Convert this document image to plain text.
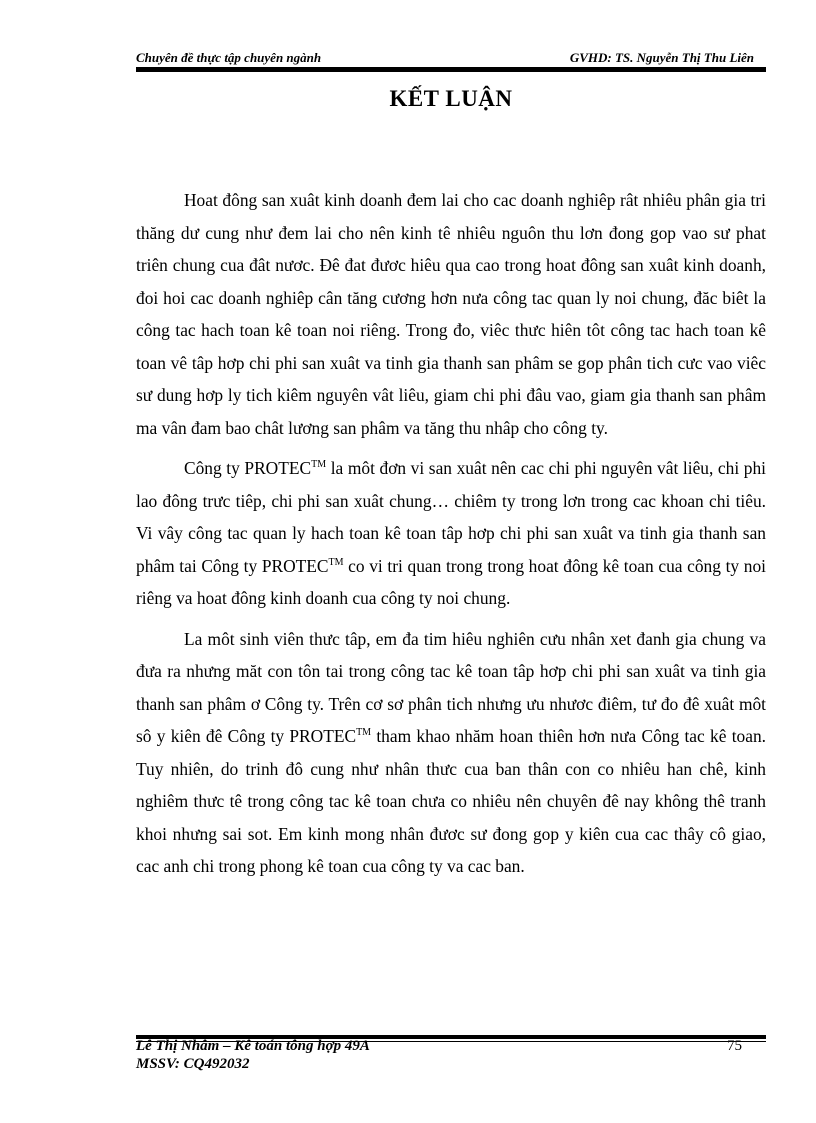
Chuyên đề thực tập chuyên ngành	GVHD: TS. Nguyễn Thị Thu Liên
KẾT LUẬN

Hoat đông san xuât kinh doanh đem lai cho cac doanh nghiêp rât nhiêu phân gia tri thăng dư cung như đem lai cho nên kinh tê nhiêu nguôn thu lơn đong gop vao sư phat triên chung cua đât nươc. Đê đat đươc hiêu qua cao trong hoat đông san xuât kinh doanh, đoi hoi cac doanh nghiêp cân tăng cương hơn nưa công tac quan ly noi chung, đăc biêt la công tac hach toan kê toan noi riêng. Trong đo, viêc thưc hiên tôt công tac hach toan kê toan vê tâp hơp chi phi san xuât va tinh gia thanh san phâm se gop phân tich cưc vao viêc sư dung hơp ly tich kiêm nguyên vât liêu, giam chi phi đâu vao, giam gia thanh san phâm ma vân đam bao chât lương san phâm va tăng thu nhâp cho công ty.

Công ty PROTEC™ la môt đơn vi san xuât nên cac chi phi nguyên vât liêu, chi phi lao đông trưc tiêp, chi phi san xuât chung… chiêm ty trong lơn trong cac khoan chi tiêu. Vi vây công tac quan ly hach toan kê toan tâp hơp chi phi san xuât va tinh gia thanh san phâm tai Công ty PROTEC™ co vi tri quan trong trong hoat đông kê toan cua công ty noi riêng va hoat đông kinh doanh cua công ty noi chung.

La môt sinh viên thưc tâp, em đa tim hiêu nghiên cưu nhân xet đanh gia chung va đưa ra nhưng măt con tôn tai trong công tac kê toan tâp hơp chi phi san xuât va tinh gia thanh san phâm ơ Công ty. Trên cơ sơ phân tich nhưng ưu nhươc điêm, tư đo đê xuât môt sô y kiên đê Công ty PROTEC™ tham khao nhăm hoan thiên hơn nưa Công tac kê toan. Tuy nhiên, do trinh đô cung như nhân thưc cua ban thân con co nhiêu han chê, kinh nghiêm thưc tê trong công tac kê toan chưa co nhiêu nên chuyên đê nay không thê tranh khoi nhưng sai sot. Em kinh mong nhân đươc sư đong gop y kiên cua cac thây cô giao, cac anh chi trong phong kê toan cua công ty va cac ban.

Lê Thị Nhâm – Kê toán tông hợp 49A
MSSV: CQ492032
75
